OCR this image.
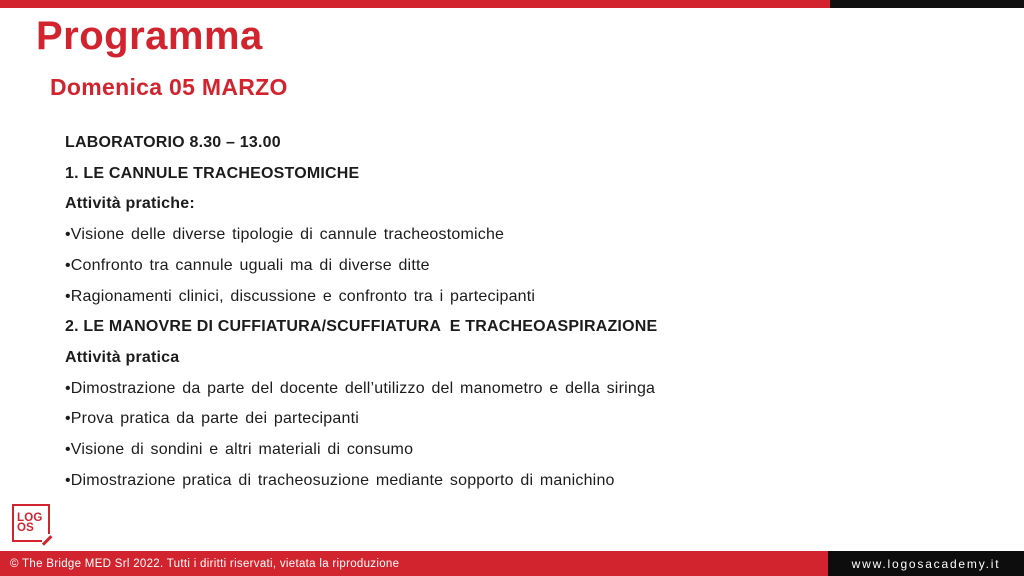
Programma
Domenica 05 MARZO
LABORATORIO 8.30 – 13.00
1. LE CANNULE TRACHEOSTOMICHE
Attività pratiche:
•Visione delle diverse tipologie di cannule tracheostomiche
•Confronto tra cannule uguali ma di diverse ditte
•Ragionamenti clinici, discussione e confronto tra i partecipanti
2. LE MANOVRE DI CUFFIATURA/SCUFFIATURA  E TRACHEOASPIRAZIONE
Attività pratica
•Dimostrazione da parte del docente dell’utilizzo del manometro e della siringa
•Prova pratica da parte dei partecipanti
•Visione di sondini e altri materiali di consumo
•Dimostrazione pratica di tracheosuzione mediante sopporto di manichino
LOG
OS
© The Bridge MED Srl 2022. Tutti i diritti riservati, vietata la riproduzione	www.logosacademy.it
